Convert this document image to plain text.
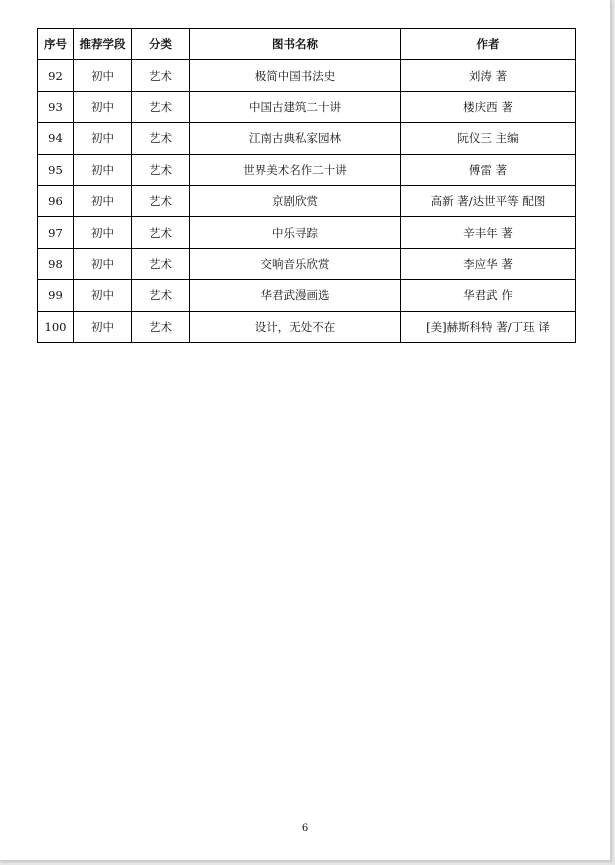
序号	推荐学段	分类	图书名称	作者
92	初中	艺术	极简中国书法史	刘涛 著
93	初中	艺术	中国古建筑二十讲	楼庆西 著
94	初中	艺术	江南古典私家园林	阮仪三 主编
95	初中	艺术	世界美术名作二十讲	傅雷 著
96	初中	艺术	京剧欣赏	高新 著/达世平等 配图
97	初中	艺术	中乐寻踪	辛丰年 著
98	初中	艺术	交响音乐欣赏	李应华 著
99	初中	艺术	华君武漫画选	华君武 作
100	初中	艺术	设计，无处不在	[美]赫斯科特 著/丁珏 译
6
